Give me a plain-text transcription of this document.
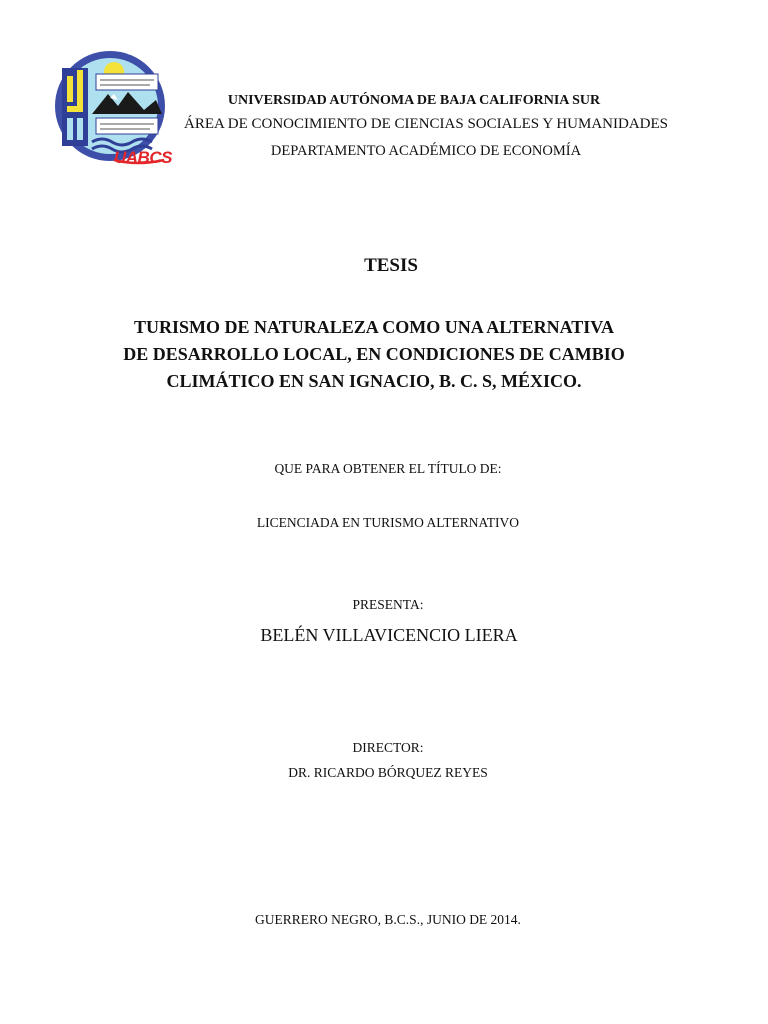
UABCS
UNIVERSIDAD AUTÓNOMA DE BAJA CALIFORNIA SUR
ÁREA DE CONOCIMIENTO DE CIENCIAS SOCIALES Y HUMANIDADES
DEPARTAMENTO ACADÉMICO DE ECONOMÍA
TESIS
TURISMO DE NATURALEZA COMO UNA ALTERNATIVA
DE DESARROLLO LOCAL, EN CONDICIONES DE CAMBIO
CLIMÁTICO EN SAN IGNACIO, B. C. S, MÉXICO.
QUE PARA OBTENER EL TÍTULO DE:
LICENCIADA EN TURISMO ALTERNATIVO
PRESENTA:
BELÉN VILLAVICENCIO LIERA
DIRECTOR:
DR. RICARDO BÓRQUEZ REYES
GUERRERO NEGRO, B.C.S., JUNIO DE 2014.
